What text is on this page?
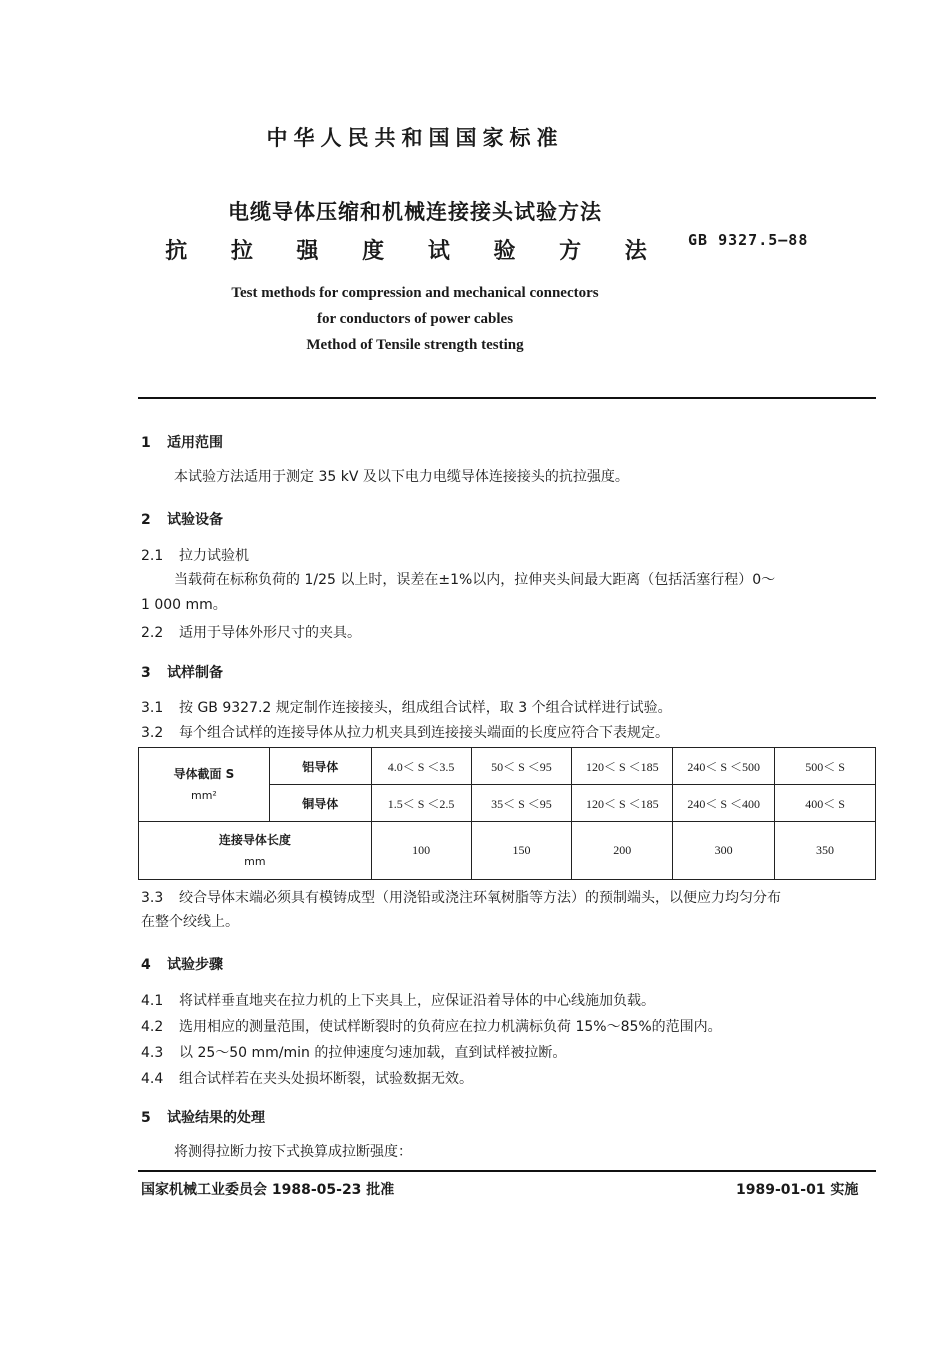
中华人民共和国国家标准
电缆导体压缩和机械连接接头试验方法
抗 拉 强 度 试 验 方 法	GB 9327.5—88
Test methods for compression and mechanical connectors
for conductors of power cables
Method of Tensile strength testing
1 适用范围
本试验方法适用于测定 35 kV 及以下电力电缆导体连接接头的抗拉强度。
2 试验设备
2.1 拉力试验机
当载荷在标称负荷的 1/25 以上时，误差在±1%以内，拉伸夹头间最大距离（包括活塞行程）0～
1 000 mm。
2.2 适用于导体外形尺寸的夹具。
3 试样制备
3.1 按 GB 9327.2 规定制作连接接头，组成组合试样，取 3 个组合试样进行试验。
3.2 每个组合试样的连接导体从拉力机夹具到连接接头端面的长度应符合下表规定。
导体截面 S
mm²	铝导体	4.0＜ S ＜3.5	50＜ S ＜95	120＜ S ＜185	240＜ S ＜500	500＜ S
	铜导体	1.5＜ S ＜2.5	35＜ S ＜95	120＜ S ＜185	240＜ S ＜400	400＜ S

连接导体长度
mm		100	150	200	300	350
3.3 绞合导体末端必须具有模铸成型（用浇铅或浇注环氧树脂等方法）的预制端头，以便应力均匀分布
在整个绞线上。
4 试验步骤
4.1 将试样垂直地夹在拉力机的上下夹具上，应保证沿着导体的中心线施加负载。
4.2 选用相应的测量范围，使试样断裂时的负荷应在拉力机满标负荷 15%～85%的范围内。
4.3 以 25～50 mm/min 的拉伸速度匀速加载，直到试样被拉断。
4.4 组合试样若在夹头处损坏断裂，试验数据无效。
5 试验结果的处理
将测得拉断力按下式换算成拉断强度：
国家机械工业委员会 1988-05-23 批准	1989-01-01 实施
